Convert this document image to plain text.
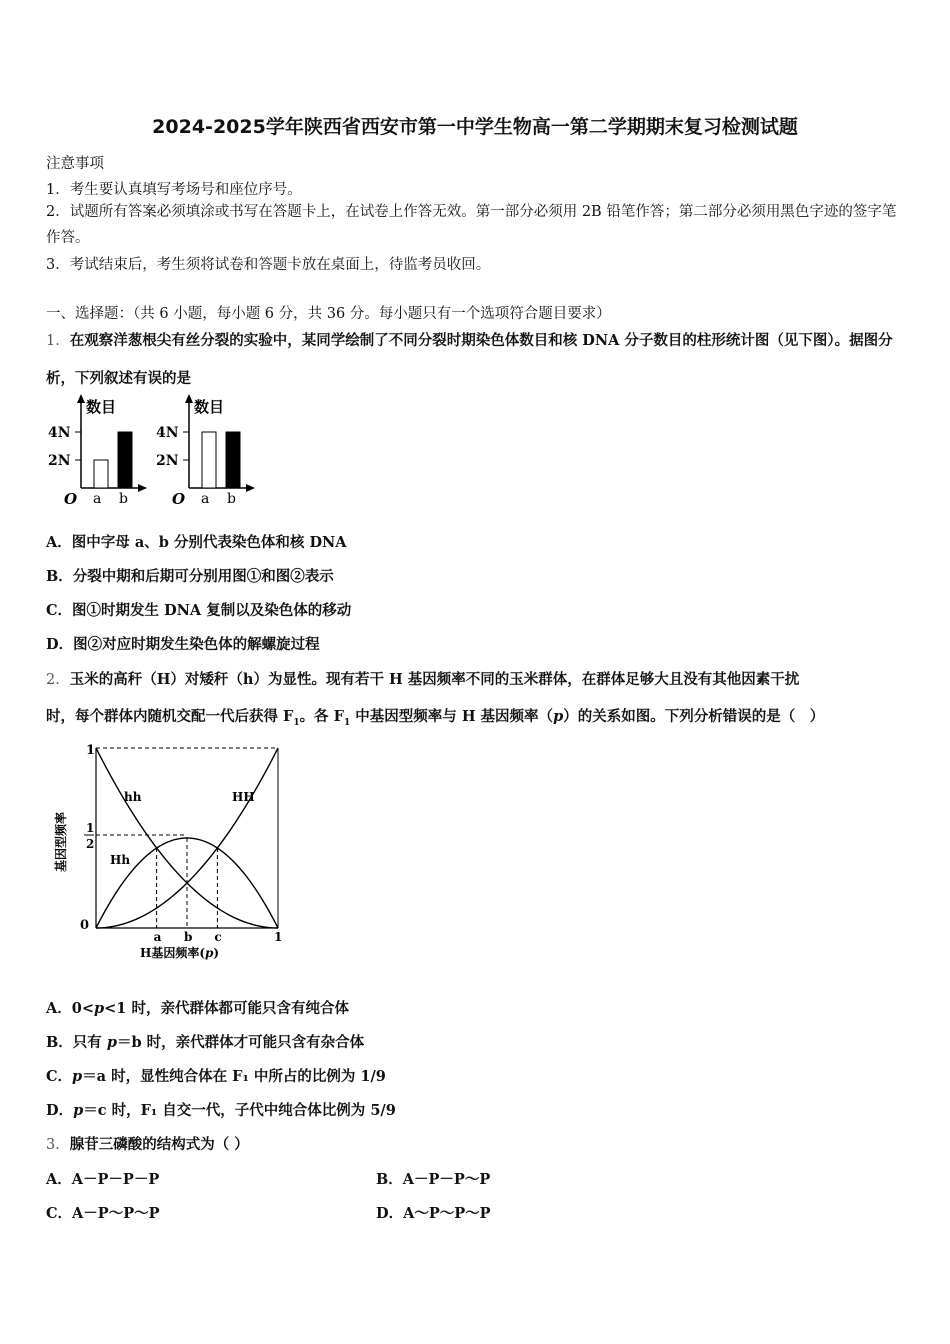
2024-2025学年陕西省西安市第一中学生物高一第二学期期末复习检测试题
注意事项
1．考生要认真填写考场号和座位序号。
2．试题所有答案必须填涂或书写在答题卡上，在试卷上作答无效。第一部分必须用 2B 铅笔作答；第二部分必须用黑色字迹的签字笔作答。
3．考试结束后，考生须将试卷和答题卡放在桌面上，待监考员收回。
一、选择题：（共 6 小题，每小题 6 分，共 36 分。每小题只有一个选项符合题目要求）
1．在观察洋葱根尖有丝分裂的实验中，某同学绘制了不同分裂时期染色体数目和核 DNA 分子数目的柱形统计图（见下图）。据图分析，下列叙述有误的是
数目
4N
2N
O a b
数目
4N
2N
O a b
A．图中字母 a、b 分别代表染色体和核 DNA
B．分裂中期和后期可分别用图①和图②表示
C．图①时期发生 DNA 复制以及染色体的移动
D．图②对应时期发生染色体的解螺旋过程
2．玉米的高秆（H）对矮秆（h）为显性。现有若干 H 基因频率不同的玉米群体，在群体足够大且没有其他因素干扰
时，每个群体内随机交配一代后获得 $F_1$。各 $F_1$ 中基因型频率与 H 基因频率（p）的关系如图。下列分析错误的是（　）
1
1
2
0
1
a b c
hh	HH
Hh
基因型频率
H基因频率(p)
A．0<p<1 时，亲代群体都可能只含有纯合体
B．只有 p＝b 时，亲代群体才可能只含有杂合体
C．p＝a 时，显性纯合体在 F₁ 中所占的比例为 1/9
D．p＝c 时，F₁ 自交一代，子代中纯合体比例为 5/9
3．腺苷三磷酸的结构式为（ ）
A．A－P－P－P	B．A－P－P～P
C．A－P～P～P	D．A～P～P～P
